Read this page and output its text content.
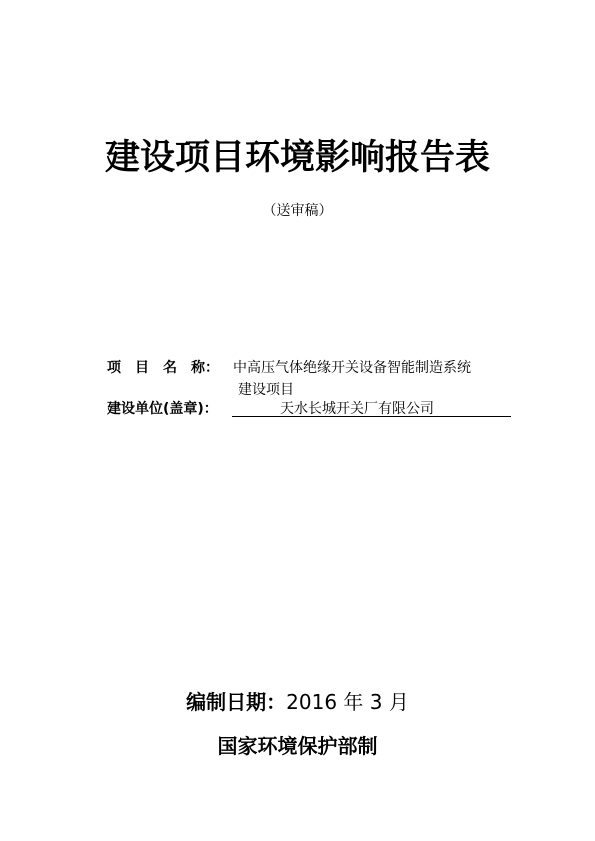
建设项目环境影响报告表
（送审稿）
项　目　名　称： 中高压气体绝缘开关设备智能制造系统
建设项目
建设单位(盖章)：	天水长城开关厂有限公司
编制日期：2016 年 3 月
国家环境保护部制
